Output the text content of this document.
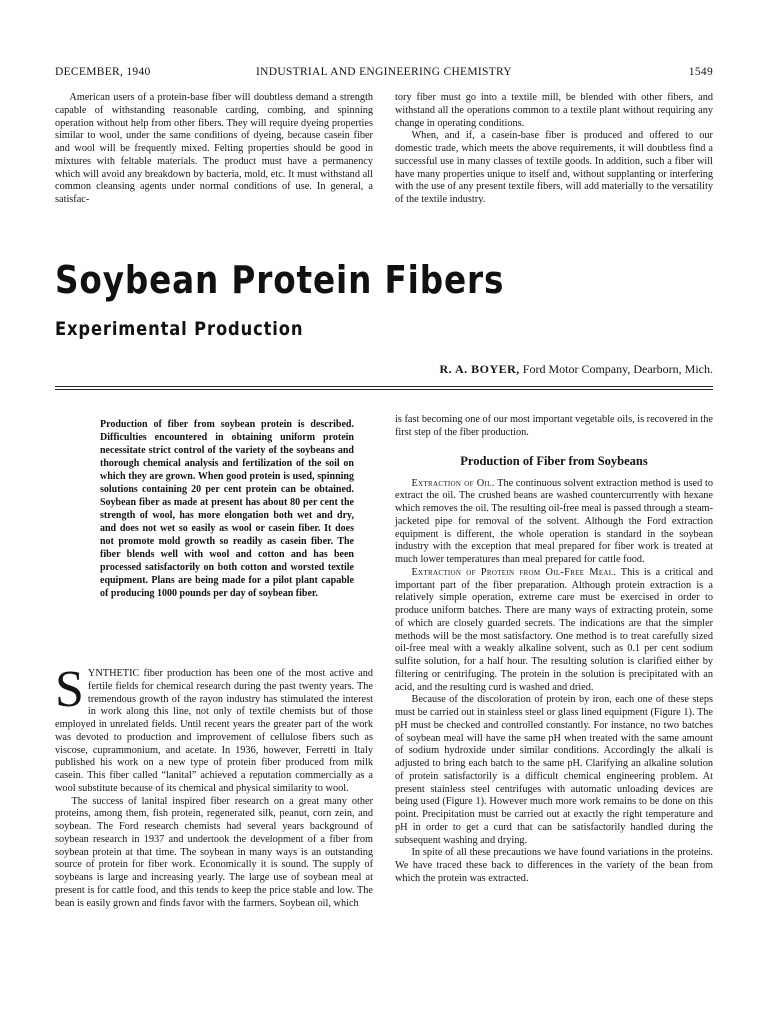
DECEMBER, 1940	INDUSTRIAL AND ENGINEERING CHEMISTRY	1549

American users of a protein-base fiber will doubtless demand a strength capable of withstanding reasonable carding, combing, and spinning operation without help from other fibers. They will require dyeing properties similar to wool, under the same conditions of dyeing, because casein fiber and wool will be frequently mixed. Felting properties should be good in mixtures with feltable materials. The product must have a permanency which will avoid any breakdown by bacteria, mold, etc. It must withstand all common cleansing agents under normal conditions of use. In general, a satisfac-

tory fiber must go into a textile mill, be blended with other fibers, and withstand all the operations common to a textile plant without requiring any change in operating conditions.

When, and if, a casein-base fiber is produced and offered to our domestic trade, which meets the above requirements, it will doubtless find a successful use in many classes of textile goods. In addition, such a fiber will have many properties unique to itself and, without supplanting or interfering with the use of any present textile fibers, will add materially to the versatility of the textile industry.

Soybean Protein Fibers
Experimental Production
R. A. BOYER, Ford Motor Company, Dearborn, Mich.

Production of fiber from soybean protein is described. Difficulties encountered in obtaining uniform protein necessitate strict control of the variety of the soybeans and thorough chemical analysis and fertilization of the soil on which they are grown. When good protein is used, spinning solutions containing 20 per cent protein can be obtained. Soybean fiber as made at present has about 80 per cent the strength of wool, has more elongation both wet and dry, and does not wet so easily as wool or casein fiber. It does not promote mold growth so readily as casein fiber. The fiber blends well with wool and cotton and has been processed satisfactorily on both cotton and worsted textile equipment. Plans are being made for a pilot plant capable of producing 1000 pounds per day of soybean fiber.

SYNTHETIC fiber production has been one of the most active and fertile fields for chemical research during the past twenty years. The tremendous growth of the rayon industry has stimulated the interest in work along this line, not only of textile chemists but of those employed in unrelated fields. Until recent years the greater part of the work was devoted to production and improvement of cellulose fibers such as viscose, cuprammonium, and acetate. In 1936, however, Ferretti in Italy published his work on a new type of protein fiber produced from milk casein. This fiber called “lanital” achieved a reputation commercially as a wool substitute because of its chemical and physical similarity to wool.

The success of lanital inspired fiber research on a great many other proteins, among them, fish protein, regenerated silk, peanut, corn zein, and soybean. The Ford research chemists had several years background of soybean research in 1937 and undertook the development of a fiber from soybean protein at that time. The soybean in many ways is an outstanding source of protein for fiber work. Economically it is sound. The supply of soybeans is large and increasing yearly. The large use of soybean meal at present is for cattle food, and this tends to keep the price stable and low. The bean is easily grown and finds favor with the farmers. Soybean oil, which

is fast becoming one of our most important vegetable oils, is recovered in the first step of the fiber production.

Production of Fiber from Soybeans

Extraction of Oil. The continuous solvent extraction method is used to extract the oil. The crushed beans are washed countercurrently with hexane which removes the oil. The resulting oil-free meal is passed through a steam-jacketed pipe for removal of the solvent. Although the Ford extraction equipment is different, the whole operation is standard in the soybean industry with the exception that meal prepared for fiber work is treated at much lower temperatures than meal prepared for cattle food.

Extraction of Protein from Oil-Free Meal. This is a critical and important part of the fiber preparation. Although protein extraction is a relatively simple operation, extreme care must be exercised in order to produce uniform batches. There are many ways of extracting protein, some of which are closely guarded secrets. The indications are that the simpler methods will be the most satisfactory. One method is to treat carefully sized oil-free meal with a weakly alkaline solvent, such as 0.1 per cent sodium sulfite solution, for a half hour. The resulting solution is clarified either by filtering or centrifuging. The protein in the solution is precipitated with an acid, and the resulting curd is washed and dried.

Because of the discoloration of protein by iron, each one of these steps must be carried out in stainless steel or glass lined equipment (Figure 1). The pH must be checked and controlled constantly. For instance, no two batches of soybean meal will have the same pH when treated with the same amount of sodium hydroxide under similar conditions. Accordingly the alkali is adjusted to bring each batch to the same pH. Clarifying an alkaline solution of protein satisfactorily is a difficult chemical engineering problem. At present stainless steel centrifuges with automatic unloading devices are being used (Figure 1). However much more work remains to be done on this point. Precipitation must be carried out at exactly the right temperature and pH in order to get a curd that can be satisfactorily handled during the subsequent washing and drying.

In spite of all these precautions we have found variations in the proteins. We have traced these back to differences in the variety of the bean from which the protein was extracted.
